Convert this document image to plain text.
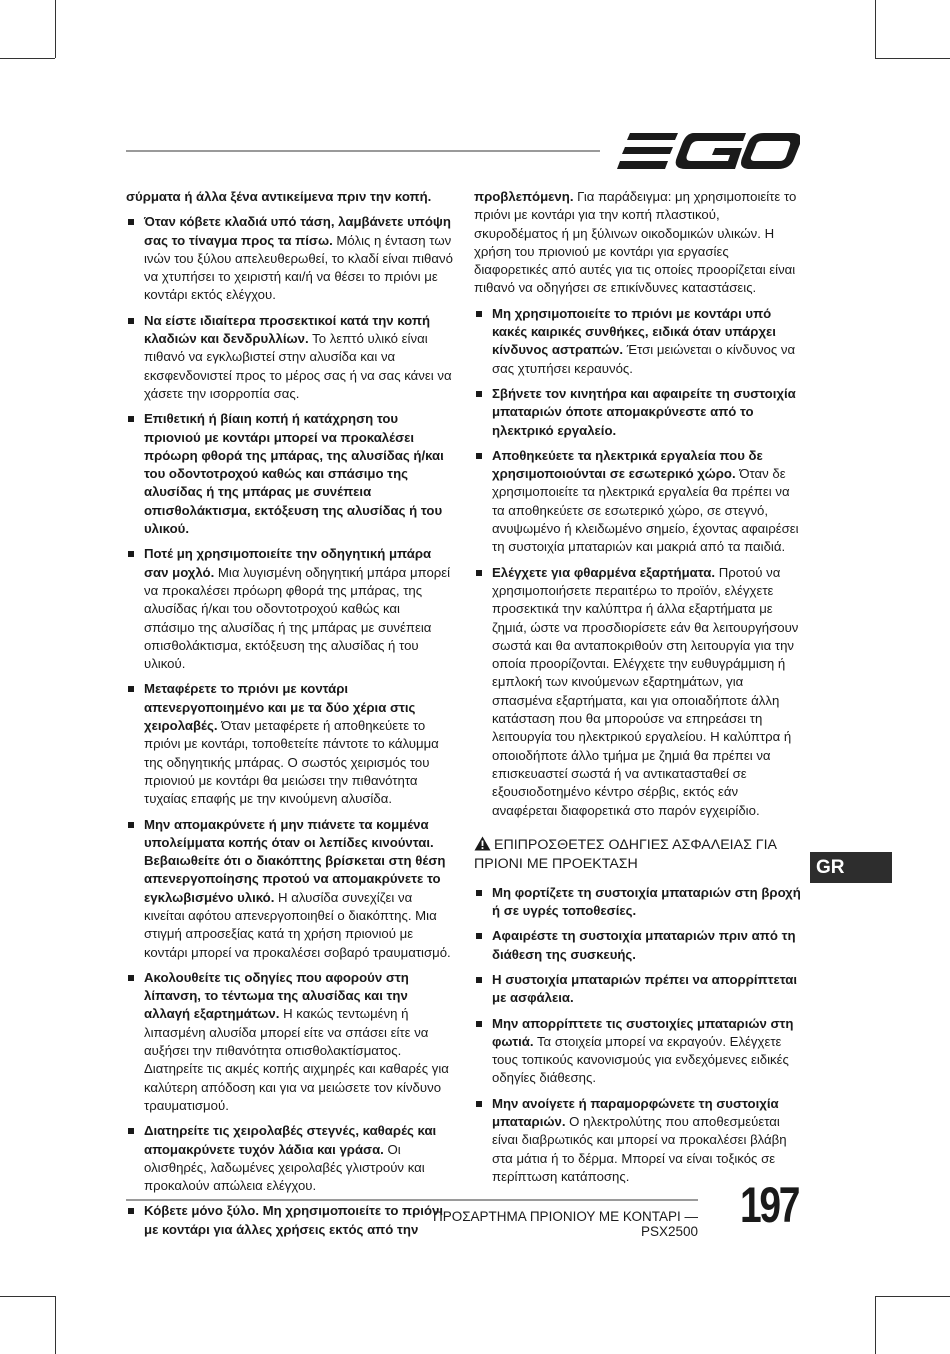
σύρματα ή άλλα ξένα αντικείμενα πριν την κοπή.

Όταν κόβετε κλαδιά υπό τάση, λαμβάνετε υπόψη σας το τίναγμα προς τα πίσω. Μόλις η ένταση των ινών του ξύλου απελευθερωθεί, το κλαδί είναι πιθανό να χτυπήσει το χειριστή και/ή να θέσει το πριόνι με κοντάρι εκτός ελέγχου.
Να είστε ιδιαίτερα προσεκτικοί κατά την κοπή κλαδιών και δενδρυλλίων. Το λεπτό υλικό είναι πιθανό να εγκλωβιστεί στην αλυσίδα και να εκσφενδονιστεί προς το μέρος σας ή να σας κάνει να χάσετε την ισορροπία σας.
Επιθετική ή βίαιη κοπή ή κατάχρηση του πριονιού με κοντάρι μπορεί να προκαλέσει πρόωρη φθορά της μπάρας, της αλυσίδας ή/και του οδοντοτροχού καθώς και σπάσιμο της αλυσίδας ή της μπάρας με συνέπεια οπισθολάκτισμα, εκτόξευση της αλυσίδας ή του υλικού.
Ποτέ μη χρησιμοποιείτε την οδηγητική μπάρα σαν μοχλό. Μια λυγισμένη οδηγητική μπάρα μπορεί να προκαλέσει πρόωρη φθορά της μπάρας, της αλυσίδας ή/και του οδοντοτροχού καθώς και σπάσιμο της αλυσίδας ή της μπάρας με συνέπεια οπισθολάκτισμα, εκτόξευση της αλυσίδας ή του υλικού.
Μεταφέρετε το πριόνι με κοντάρι απενεργοποιημένο και με τα δύο χέρια στις χειρολαβές. Όταν μεταφέρετε ή αποθηκεύετε το πριόνι με κοντάρι, τοποθετείτε πάντοτε το κάλυμμα της οδηγητικής μπάρας. Ο σωστός χειρισμός του πριονιού με κοντάρι θα μειώσει την πιθανότητα τυχαίας επαφής με την κινούμενη αλυσίδα.
Μην απομακρύνετε ή μην πιάνετε τα κομμένα υπολείμματα κοπής όταν οι λεπίδες κινούνται. Βεβαιωθείτε ότι ο διακόπτης βρίσκεται στη θέση απενεργοποίησης προτού να απομακρύνετε το εγκλωβισμένο υλικό. Η αλυσίδα συνεχίζει να κινείται αφότου απενεργοποιηθεί ο διακόπτης. Μια στιγμή απροσεξίας κατά τη χρήση πριονιού με κοντάρι μπορεί να προκαλέσει σοβαρό τραυματισμό.
Ακολουθείτε τις οδηγίες που αφορούν στη λίπανση, το τέντωμα της αλυσίδας και την αλλαγή εξαρτημάτων. Η κακώς τεντωμένη ή λιπασμένη αλυσίδα μπορεί είτε να σπάσει είτε να αυξήσει την πιθανότητα οπισθολακτίσματος. Διατηρείτε τις ακμές κοπής αιχμηρές και καθαρές για καλύτερη απόδοση και για να μειώσετε τον κίνδυνο τραυματισμού.
Διατηρείτε τις χειρολαβές στεγνές, καθαρές και απομακρύνετε τυχόν λάδια και γράσα. Οι ολισθηρές, λαδωμένες χειρολαβές γλιστρούν και προκαλούν απώλεια ελέγχου.
Κόβετε μόνο ξύλο. Μη χρησιμοποιείτε το πριόνι με κοντάρι για άλλες χρήσεις εκτός από την

προβλεπόμενη. Για παράδειγμα: μη χρησιμοποιείτε το πριόνι με κοντάρι για την κοπή πλαστικού, σκυροδέματος ή μη ξύλινων οικοδομικών υλικών. Η χρήση του πριονιού με κοντάρι για εργασίες διαφορετικές από αυτές για τις οποίες προορίζεται είναι πιθανό να οδηγήσει σε επικίνδυνες καταστάσεις.

Μη χρησιμοποιείτε το πριόνι με κοντάρι υπό κακές καιρικές συνθήκες, ειδικά όταν υπάρχει κίνδυνος αστραπών. Έτσι μειώνεται ο κίνδυνος να σας χτυπήσει κεραυνός.
Σβήνετε τον κινητήρα και αφαιρείτε τη συστοιχία μπαταριών όποτε απομακρύνεστε από το ηλεκτρικό εργαλείο.
Αποθηκεύετε τα ηλεκτρικά εργαλεία που δε χρησιμοποιούνται σε εσωτερικό χώρο. Όταν δε χρησιμοποιείτε τα ηλεκτρικά εργαλεία θα πρέπει να τα αποθηκεύετε σε εσωτερικό χώρο, σε στεγνό, ανυψωμένο ή κλειδωμένο σημείο, έχοντας αφαιρέσει τη συστοιχία μπαταριών και μακριά από τα παιδιά.
Ελέγχετε για φθαρμένα εξαρτήματα. Προτού να χρησιμοποιήσετε περαιτέρω το προϊόν, ελέγχετε προσεκτικά την καλύπτρα ή άλλα εξαρτήματα με ζημιά, ώστε να προσδιορίσετε εάν θα λειτουργήσουν σωστά και θα ανταποκριθούν στη λειτουργία για την οποία προορίζονται. Ελέγχετε την ευθυγράμμιση ή εμπλοκή των κινούμενων εξαρτημάτων, για σπασμένα εξαρτήματα, και για οποιαδήποτε άλλη κατάσταση που θα μπορούσε να επηρεάσει τη λειτουργία του ηλεκτρικού εργαλείου. Η καλύπτρα ή οποιοδήποτε άλλο τμήμα με ζημιά θα πρέπει να επισκευαστεί σωστά ή να αντικατασταθεί σε εξουσιοδοτημένο κέντρο σέρβις, εκτός εάν αναφέρεται διαφορετικά στο παρόν εγχειρίδιο.
ΕΠΙΠΡΟΣΘΕΤΕΣ ΟΔΗΓΙΕΣ ΑΣΦΑΛΕΙΑΣ ΓΙΑ ΠΡΙΟΝΙ ΜΕ ΠΡΟΕΚΤΑΣΗ
Μη φορτίζετε τη συστοιχία μπαταριών στη βροχή ή σε υγρές τοποθεσίες.
Αφαιρέστε τη συστοιχία μπαταριών πριν από τη διάθεση της συσκευής.
Η συστοιχία μπαταριών πρέπει να απορρίπτεται με ασφάλεια.
Μην απορρίπτετε τις συστοιχίες μπαταριών στη φωτιά. Τα στοιχεία μπορεί να εκραγούν. Ελέγχετε τους τοπικούς κανονισμούς για ενδεχόμενες ειδικές οδηγίες διάθεσης.
Μην ανοίγετε ή παραμορφώνετε τη συστοιχία μπαταριών. Ο ηλεκτρολύτης που αποθεσμεύεται είναι διαβρωτικός και μπορεί να προκαλέσει βλάβη στα μάτια ή το δέρμα. Μπορεί να είναι τοξικός σε περίπτωση κατάποσης.
GR
ΠΡΟΣΑΡΤΗΜΑ ΠΡΙΟΝΙΟΥ ΜΕ ΚΟΝΤΑΡΙ — PSX2500 197
